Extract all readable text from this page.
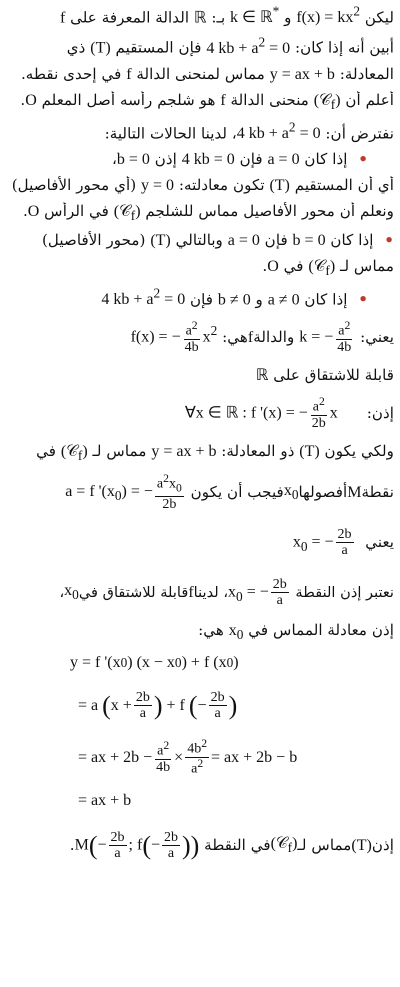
ليكن $f(x) = kx^2$ و k ∈ ℝ* بـ: ℝ الدالة المعرفة على f
أبين أنه إذا كان: 4 kb + $a^2 = 0$ فإن المستقيم (T) ذي
المعادلة: y = ax + b مماس لمنحنى الدالة f في إحدى نقطه.
أعلم أن (𝒞$_f$) منحنى الدالة f هو شلجم رأسه أصل المعلم O.
نفترض أن: 4 kb + $a^2$ = 0، لدينا الحالات التالية:
• إذا كان a = 0 فإن 4 kb = 0 إذن b = 0،
أي أن المستقيم (T) تكون معادلته: y = 0 (أي محور الأفاصيل)
ونعلم أن محور الأفاصيل مماس للشلجم (𝒞$_f$) في الرأس O.
• إذا كان b = 0 فإن a = 0 وبالتالي (T) (محور الأفاصيل)
مماس لـ (𝒞$_f$) في O.
• إذا كان a ≠ 0 و b ≠ 0 فإن 4 kb + $a^2 = 0$
يعني:
k = − $\frac{a^2}{4b}$
والدالة
f
هي:
f(x) = − $\frac{a^2}{4b} x^2$
قابلة للاشتقاق على ℝ
إذن:
∀x ∈ ℝ : f '(x) = − $\frac{a^2}{2b}$ x
ولكي يكون (T) ذو المعادلة: y = ax + b مماس لـ (𝒞$_f$) في
نقطة
M
أفصولها
$x_0$
فيجب أن يكون
a = f '$(x_0)$ = − $\frac{a^2x_0}{2b}$
يعني
$x_0$ = − $\frac{2b}{a}$
نعتبر إذن النقطة
$x_0$ = − $\frac{2b}{a}$
، لدينا
f
قابلة للاشتقاق في
$x_0$
،
إذن معادلة المماس في $x_0$ هي:
y = f '(x 0 ) (x − x 0 ) + f (x 0 )
= a ( $x + \frac{2b}{a}$ ) + f ( − $\frac{2b}{a}$ )
= ax + $2b - \frac{a^2}{4b} \times \frac{4b^2}{a^2}$ = ax + 2b − b
= ax + b
إذن
(T)
مماس لـ
(𝒞$_f$)
في النقطة
$M(- \frac{2b}{a}$ ; $f(- \frac{2b}{a}$ ))
.
